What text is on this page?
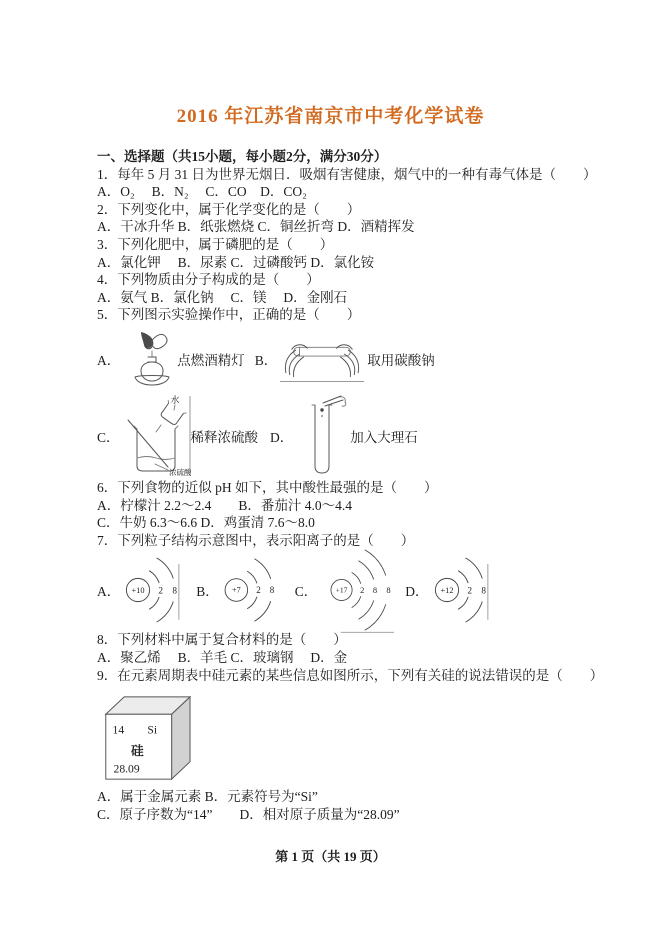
2016 年江苏省南京市中考化学试卷
一、选择题（共15小题，每小题2分，满分30分）
1．每年 5 月 31 日为世界无烟日．吸烟有害健康，烟气中的一种有毒气体是（　　）
A．O₂　 B．N₂　 C．CO　D．CO₂
2．下列变化中，属于化学变化的是（　　）
A．干冰升华 B．纸张燃烧 C．铜丝折弯 D．酒精挥发
3．下列化肥中，属于磷肥的是（　　）
A．氯化钾　 B．尿素 C．过磷酸钙 D．氯化铵
4．下列物质由分子构成的是（　　）
A．氨气 B．氯化钠　 C．镁　 D．金刚石
5．下列图示实验操作中，正确的是（　　）
A．	点燃酒精灯 B．	取用碳酸钠
C．
水
浓硫酸
稀释浓硫酸 D．	加入大理石
6．下列食物的近似 pH 如下，其中酸性最强的是（　　）
A．柠檬汁 2.2～2.4　　B．番茄汁 4.0～4.4
C．牛奶 6.3～6.6 D．鸡蛋清 7.6～8.0
7．下列粒子结构示意图中，表示阳离子的是（　　）
A． +10 2 8 B． +7 2 8 C． +17 2 8 8 D． +12 2 8
8．下列材料中属于复合材料的是（　　）
A．聚乙烯　 B．羊毛 C．玻璃钢　 D．金
9．在元素周期表中硅元素的某些信息如图所示，下列有关硅的说法错误的是（　　）
14 Si
硅
28.09
A．属于金属元素 B．元素符号为“Si”
C．原子序数为“14”　　D．相对原子质量为“28.09”
第 1 页（共 19 页）
